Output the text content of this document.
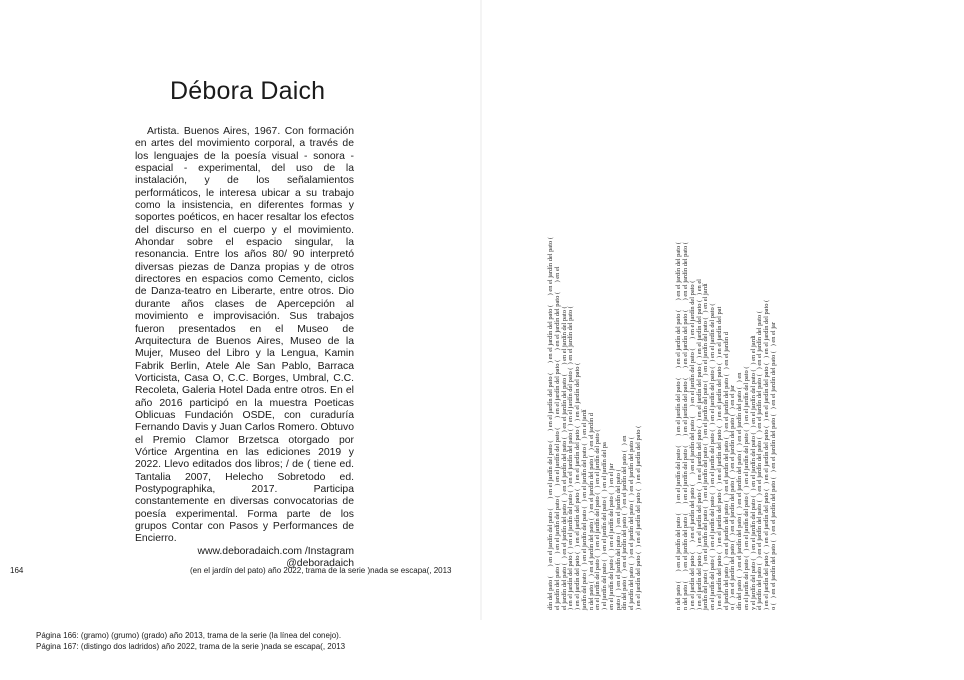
Débora Daich

Artista. Buenos Aires, 1967. Con formación en artes del movimiento corporal, a través de los lenguajes de la poesía visual - sonora - espacial - experimental, del uso de la instalación, y de los señalamientos performáticos, le interesa ubicar a su trabajo como la insistencia, en diferentes formas y soportes poéticos, en hacer resaltar los efectos del discurso en el cuerpo y el movimiento. Ahondar sobre el espacio singular, la resonancia. Entre los años 80/ 90 interpretó diversas piezas de Danza propias y de otros directores en espacios como Cemento, ciclos de Danza-teatro en Liberarte, entre otros. Dio durante años clases de Apercepción al movimiento e improvisación. Sus trabajos fueron presentados en el Museo de Arquitectura de Buenos Aires, Museo de la Mujer, Museo del Libro y la Lengua, Kamin Fabrik Berlin, Atele Ale San Pablo, Barraca Vorticista, Casa O, C.C. Borges, Umbral, C.C. Recoleta, Galeria Hotel Dada entre otros. En el año 2016 participó en la muestra Poeticas Oblicuas Fundación OSDE, con curaduría Fernando Davis y Juan Carlos Romero. Obtuvo el Premio Clamor Brzetsca otorgado por Vórtice Argentina en las ediciones 2019 y 2022. Llevo editados dos libros; / de ( tiene ed. Tantalia 2007, Helecho Sobretodo ed. Postypographika, 2017. Participa constantemente en diversas convocatorias de poesía experimental. Forma parte de los grupos Contar con Pasos y Performances de Encierro.

www.deboradaich.com /Instagram @deboradaich

164	(en el jardín del pato) año 2022, trama de la serie )nada se escapa(, 2013	dín del pato (      ) en el jardín del pato (      ) en el jardín del pato (      ) en el jardín del pato (      ) en el jardín del pato (      ) en el jardín del pato ( el jardín del pato (      ) en el jardín del pato (      ) en el jardín del pato (      ) en el jardín del pato (      ) en el jardín del pato (      ) en el el jardín del pato (   ) en el jardín del pato (   ) en el jardín del pato (   ) en el jardín del pato (      ) en el jardín del pato ( ) en el jardín del pato (  ) en el jardín del pato (  ) en el jardín del pato (  ) en el jardín del pato (  ) en el jardín del pato ( ) en el jardín del pato (   ) en el jardín del pato (   ) en el jardín del pato (   ) en el jardín del pato ( jardín del pato (   ) en el jardín del pato (   ) en el jardín del pato (   ) en el jardí n del pato (   ) en el jardín del pato (   ) en el jardín del pato (   ) en el jardín d en el jardín del pato (   ) en el jardín del pato (   ) en el jardín del pato ( ) el jardín del pato (   ) en el jardín del pato (   ) en el jardín del pa en el jardín del pato (   ) en el jardín del pato (   ) en el jar pato (   ) en el jardín del pato (   ) en el jardín del pato ( dín del pato (   ) en el jardín del pato (   ) en el jardín del pato (   ) en el jardín del pato (   ) en el jardín del pato (   ) en el jardín del pato ( ) en el jardín del pato (   ) en el jardín del pato (   ) en el jardín del pato (	n del pato (      ) en el jardín del pato (      ) en el jardín del pato (      ) en el jardín del pato (      ) en el jardín del pato (      ) en el jardín del pato ( n del pato (      ) en el jardín del pato (      ) en el jardín del pato (      ) en el jardín del pato (      ) en el jardín del pato (      ) en el jardín del pato ( ) en el jardín del pato (      ) en el jardín del pato (      ) en el jardín del pato (      ) en el jardín del pato (      ) en el jardín del pato ( ) en el jardín del pato (   ) en el jardín del pato (   ) en el jardín del pato (   ) en el jardín del pato (   ) en el jardín del pato (   ) en el jardín del pato (   ) en el jardín del pato (   ) en el jardín del pato (   ) en el jardín del pato (   ) en el jardín del pato (   ) en el jardí en el jardín del pato (   ) en el jardín del pato (   ) en el jardín del pato (   ) en el jardín del pato (   ) en el jardín del pato ( ) en el jardín del pato (   ) en el jardín del pato (   ) en el jardín del pato (   ) en el jardín del pato (   ) en el jardín del pat el jardín del pato (   ) en el jardín del pato (   ) en el jardín del pato (   ) en el jardín del pato (   ) en el jardín d o (   ) en el jardín del pato (   ) en el jardín del pato (   ) en el jardín del pato (   ) en el jar dín del pato (   ) en el jardín del pato (   ) en el jardín del pato (   ) en el jardín del pato (   ) en en el jardín del pato (   ) en el jardín del pato (   ) en el jardín del pato (   ) en el jardín del pato ( y el jardín del pato (   ) en el jardín del pato (   ) en el jardín del pato (   ) en el jardín del pato (   ) en el jardi el jardín del pato (   ) en el jardín del pato (   ) en el jardín del pato (   ) en el jardín del pato (   ) en el jardín del pato ( ) en el jardín del pato (   ) en el jardín del pato (   ) en el jardín del pato (   ) en el jardín del pato (   ) en el jardín del pato ( o (   ) en el jardín del pato (   ) en el jardín del pato (   ) en el jardín del pato (   ) en el jardín del pato (   ) en el jar
Página 166: (gramo) (grumo) (grado) año 2013, trama de la serie (la línea del conejo).
Página 167: (distingo dos ladridos) año 2022, trama de la serie )nada se escapa(, 2013
